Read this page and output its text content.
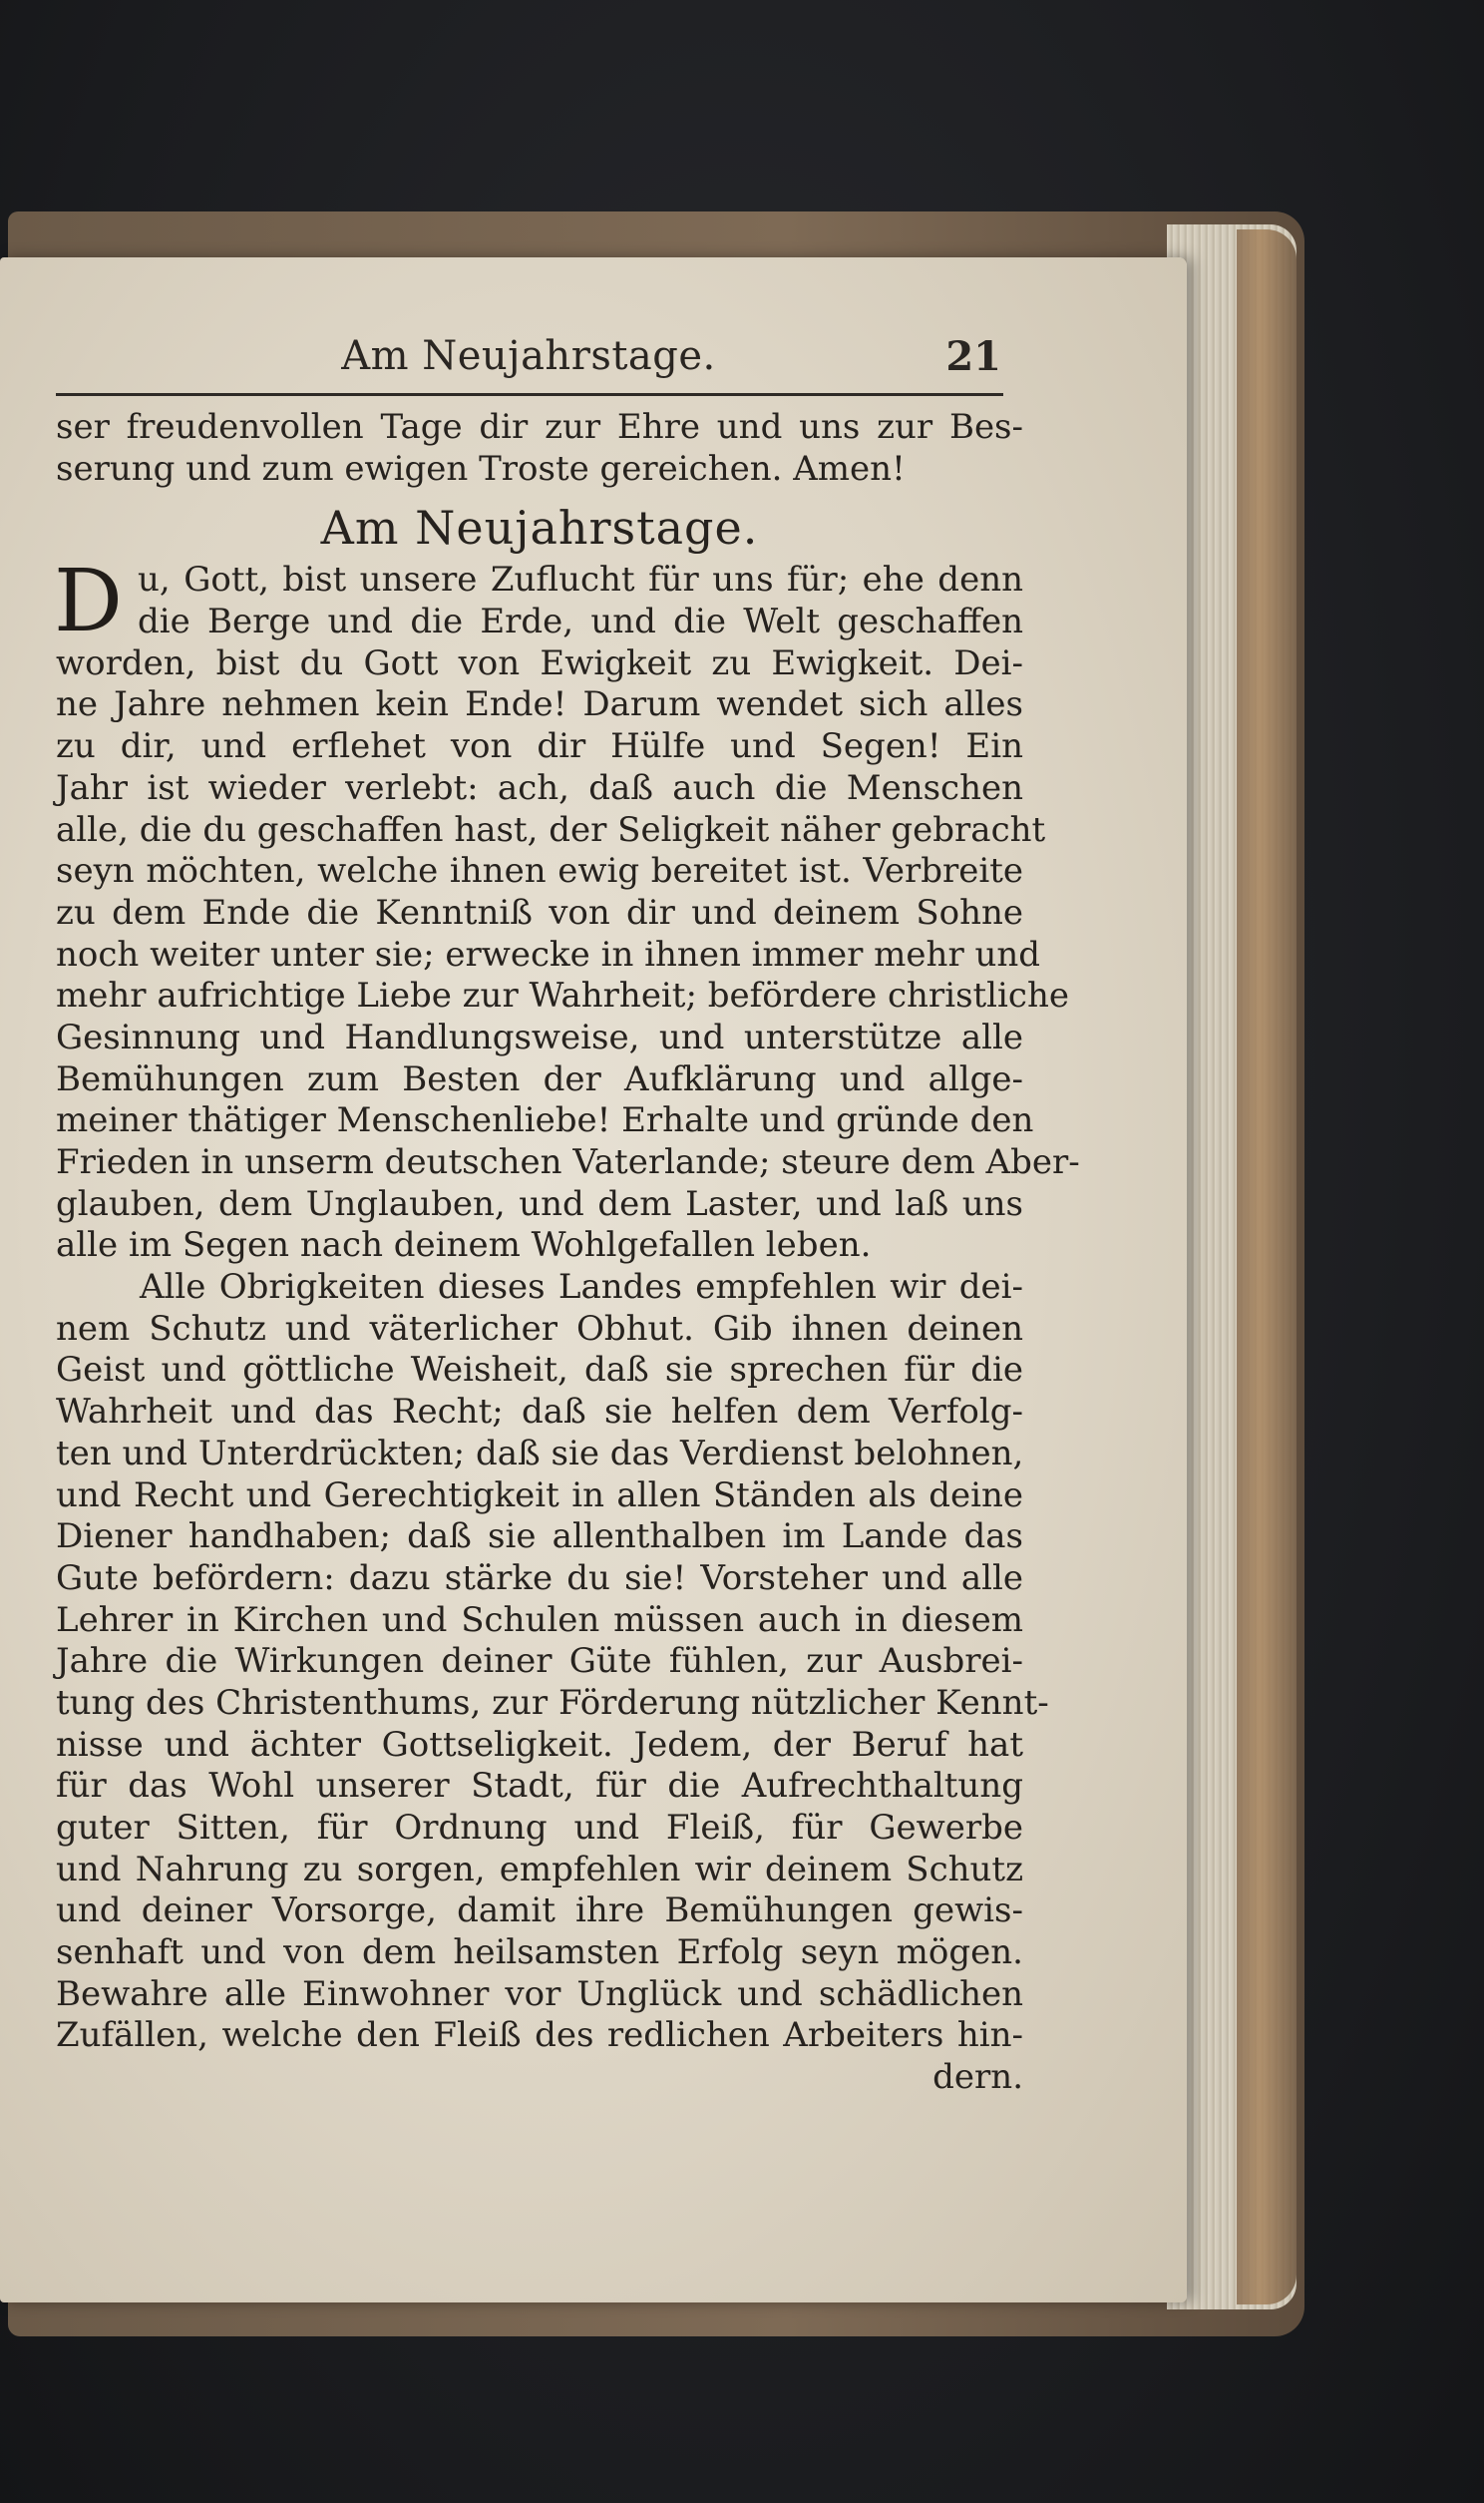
Am Neujahrstage.	21
ser freudenvollen Tage dir zur Ehre und uns zur Bes-
serung und zum ewigen Troste gereichen. Amen!
Am Neujahrstage.
D u, Gott, bist unsere Zuflucht für uns für; ehe denn
die Berge und die Erde, und die Welt geschaffen
worden, bist du Gott von Ewigkeit zu Ewigkeit. Dei-
ne Jahre nehmen kein Ende! Darum wendet sich alles
zu dir, und erflehet von dir Hülfe und Segen! Ein
Jahr ist wieder verlebt: ach, daß auch die Menschen
alle, die du geschaffen hast, der Seligkeit näher gebracht
seyn möchten, welche ihnen ewig bereitet ist. Verbreite
zu dem Ende die Kenntniß von dir und deinem Sohne
noch weiter unter sie; erwecke in ihnen immer mehr und
mehr aufrichtige Liebe zur Wahrheit; befördere christliche
Gesinnung und Handlungsweise, und unterstütze alle
Bemühungen zum Besten der Aufklärung und allge-
meiner thätiger Menschenliebe! Erhalte und gründe den
Frieden in unserm deutschen Vaterlande; steure dem Aber-
glauben, dem Unglauben, und dem Laster, und laß uns
alle im Segen nach deinem Wohlgefallen leben.
Alle Obrigkeiten dieses Landes empfehlen wir dei-
nem Schutz und väterlicher Obhut. Gib ihnen deinen
Geist und göttliche Weisheit, daß sie sprechen für die
Wahrheit und das Recht; daß sie helfen dem Verfolg-
ten und Unterdrückten; daß sie das Verdienst belohnen,
und Recht und Gerechtigkeit in allen Ständen als deine
Diener handhaben; daß sie allenthalben im Lande das
Gute befördern: dazu stärke du sie! Vorsteher und alle
Lehrer in Kirchen und Schulen müssen auch in diesem
Jahre die Wirkungen deiner Güte fühlen, zur Ausbrei-
tung des Christenthums, zur Förderung nützlicher Kennt-
nisse und ächter Gottseligkeit. Jedem, der Beruf hat
für das Wohl unserer Stadt, für die Aufrechthaltung
guter Sitten, für Ordnung und Fleiß, für Gewerbe
und Nahrung zu sorgen, empfehlen wir deinem Schutz
und deiner Vorsorge, damit ihre Bemühungen gewis-
senhaft und von dem heilsamsten Erfolg seyn mögen.
Bewahre alle Einwohner vor Unglück und schädlichen
Zufällen, welche den Fleiß des redlichen Arbeiters hin-
dern.
